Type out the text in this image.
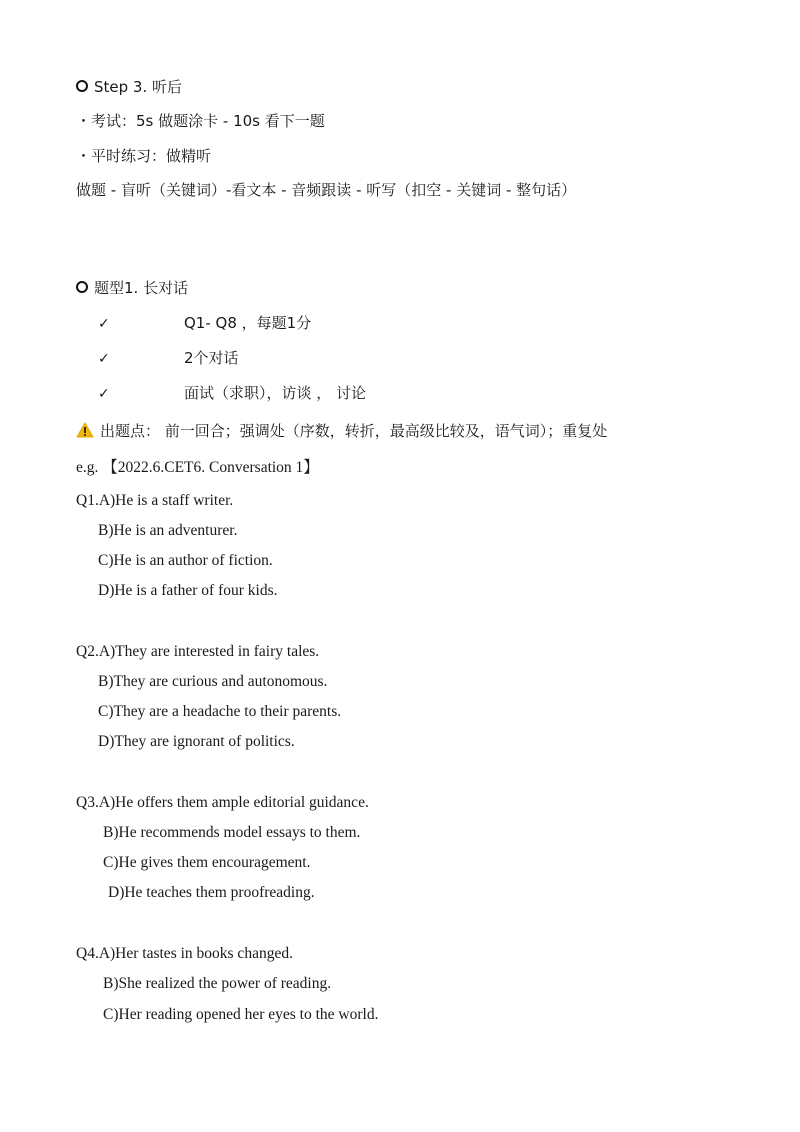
Step 3. 听后
・考试：5s 做题涂卡 - 10s 看下一题
・平时练习：做精听
做题 - 盲听（关键词）-看文本 - 音频跟读 - 听写（扣空 - 关键词 - 整句话）
题型1. 长对话
✓	Q1- Q8 ，每题1分
✓	2个对话
✓	面试（求职），访谈 ， 讨论
出题点： 前一回合；强调处（序数，转折，最高级比较及，语气词）；重复处
e.g. 【2022.6.CET6. Conversation 1】
Q1.A)He is a staff writer.
B)He is an adventurer.
C)He is an author of fiction.
D)He is a father of four kids.
Q2.A)They are interested in fairy tales.
B)They are curious and autonomous.
C)They are a headache to their parents.
D)They are ignorant of politics.
Q3.A)He offers them ample editorial guidance.
B)He recommends model essays to them.
C)He gives them encouragement.
D)He teaches them proofreading.
Q4.A)Her tastes in books changed.
B)She realized the power of reading.
C)Her reading opened her eyes to the world.
